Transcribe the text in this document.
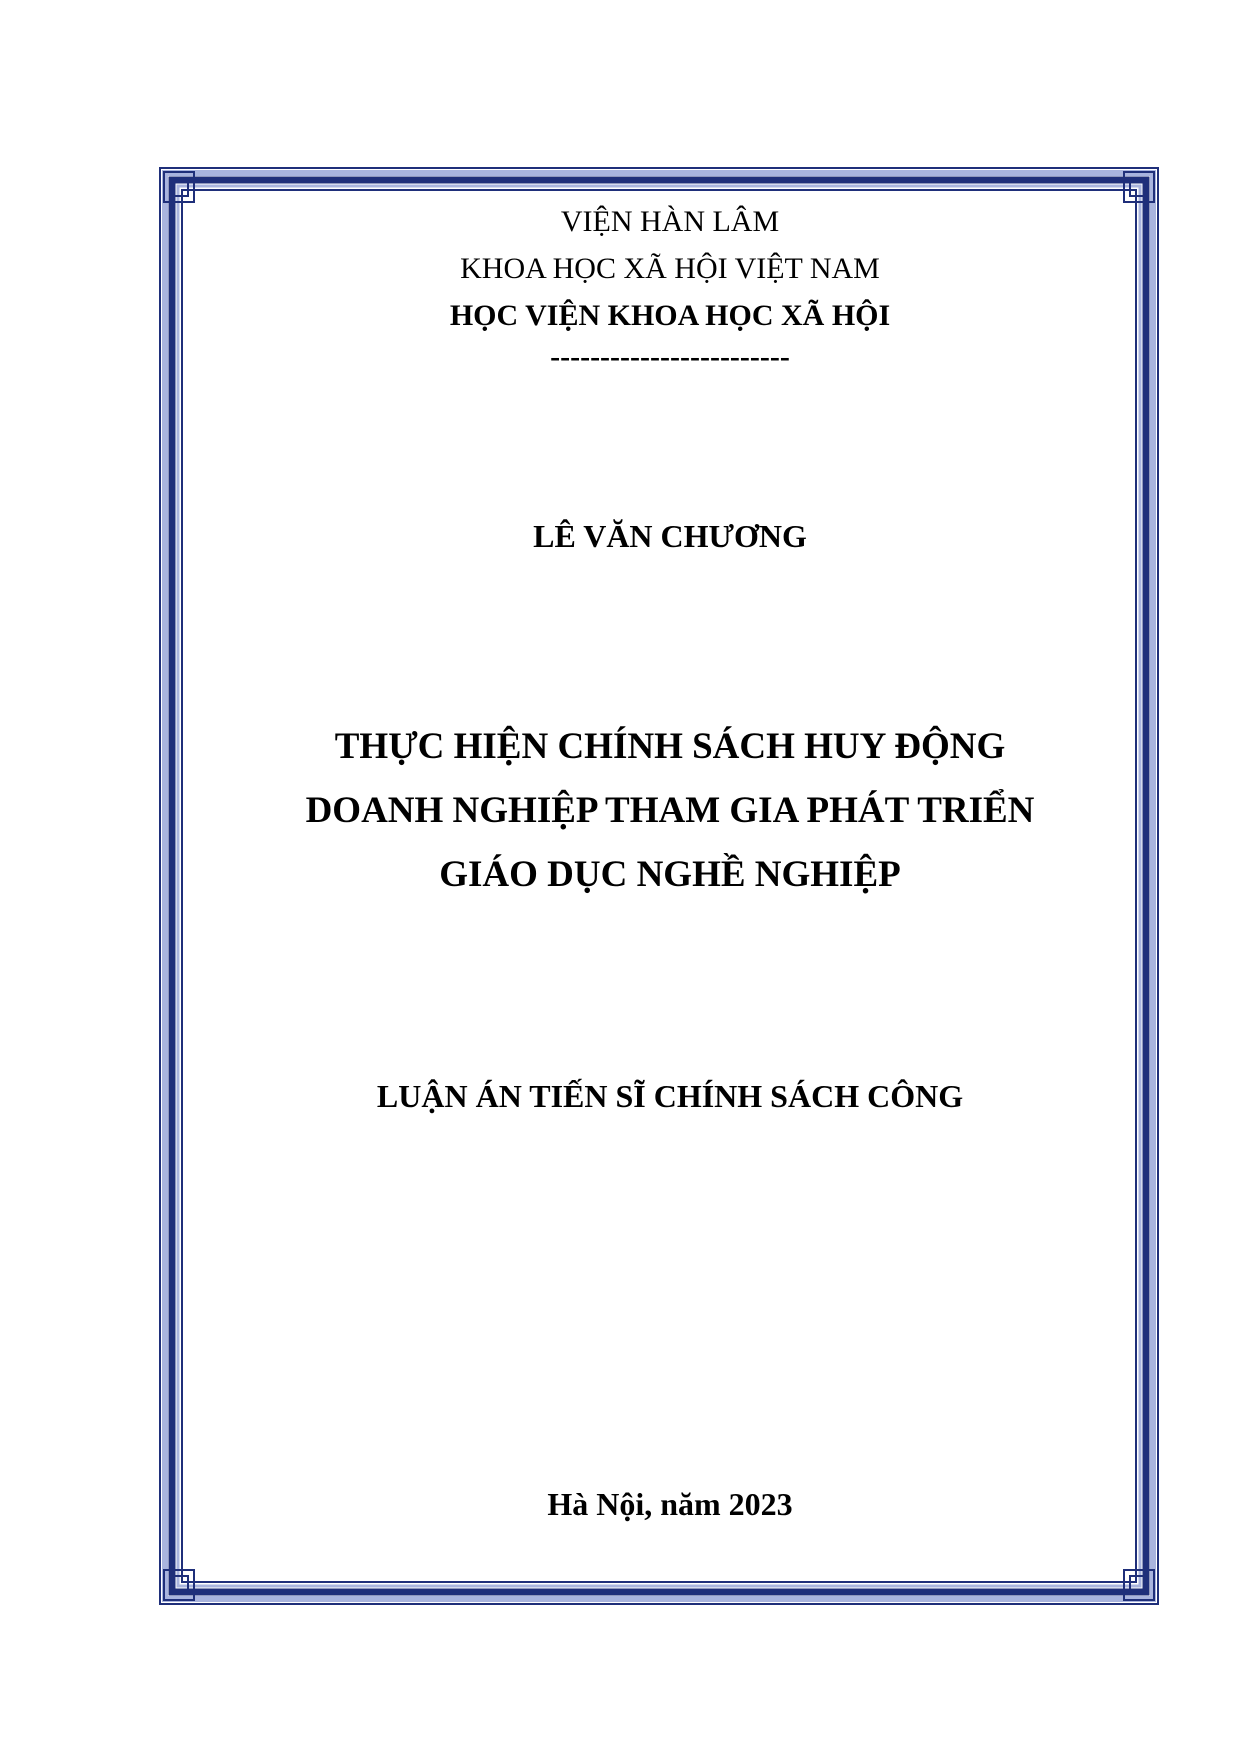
VIỆN HÀN LÂM
KHOA HỌC XÃ HỘI VIỆT NAM
HỌC VIỆN KHOA HỌC XÃ HỘI
------------------------
LÊ VĂN CHƯƠNG
THỰC HIỆN CHÍNH SÁCH HUY ĐỘNG
DOANH NGHIỆP THAM GIA PHÁT TRIỂN
GIÁO DỤC NGHỀ NGHIỆP
LUẬN ÁN TIẾN SĨ CHÍNH SÁCH CÔNG
Hà Nội, năm 2023
